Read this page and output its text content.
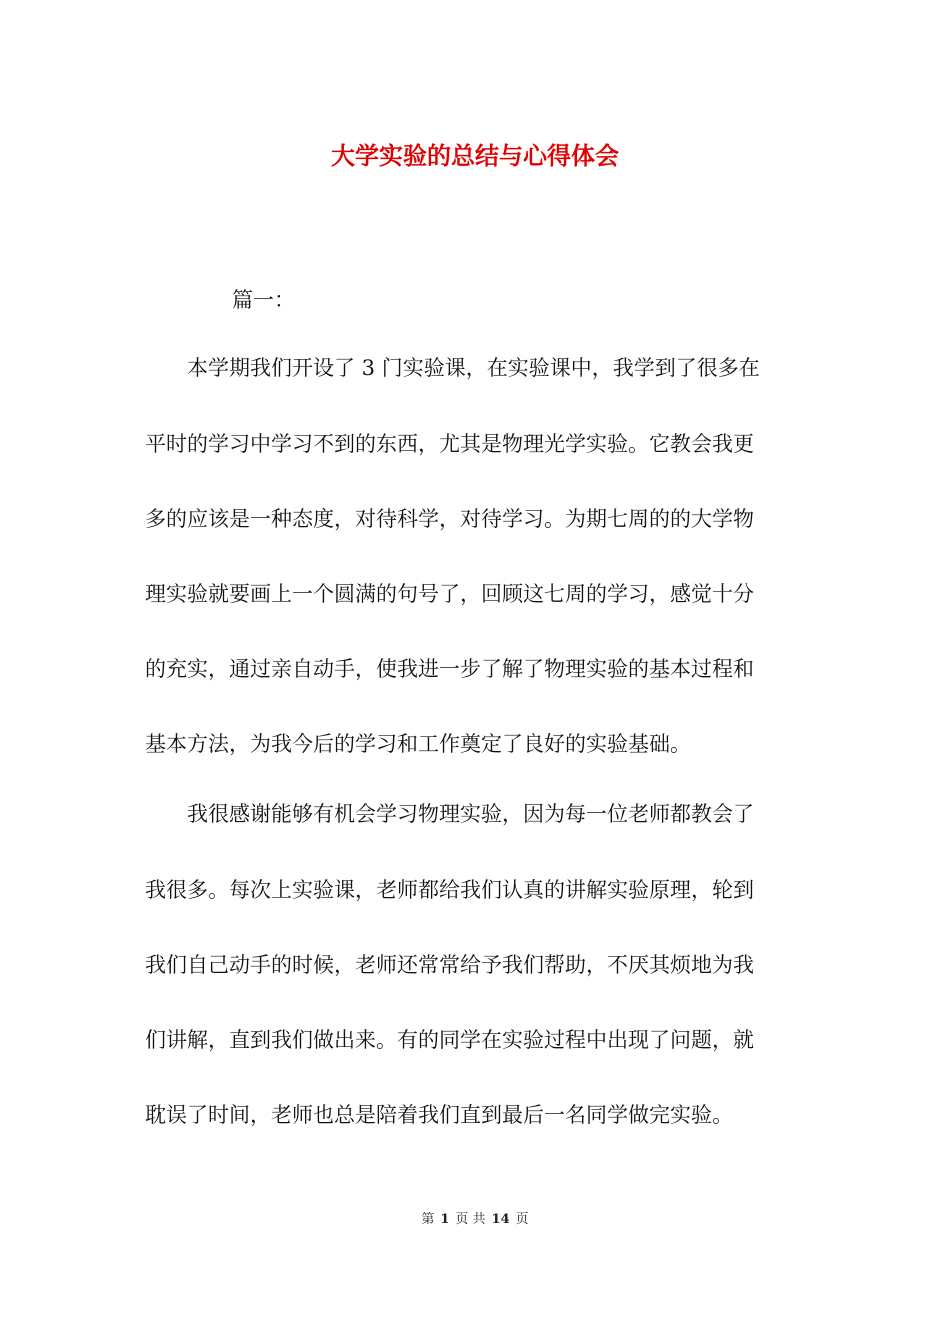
大学实验的总结与心得体会
篇一：
　　本学期我们开设了 3 门实验课，在实验课中，我学到了很多在
平时的学习中学习不到的东西，尤其是物理光学实验。它教会我更
多的应该是一种态度，对待科学，对待学习。为期七周的的大学物
理实验就要画上一个圆满的句号了，回顾这七周的学习，感觉十分
的充实，通过亲自动手，使我进一步了解了物理实验的基本过程和
基本方法，为我今后的学习和工作奠定了良好的实验基础。
　　我很感谢能够有机会学习物理实验，因为每一位老师都教会了
我很多。每次上实验课，老师都给我们认真的讲解实验原理，轮到
我们自己动手的时候，老师还常常给予我们帮助，不厌其烦地为我
们讲解，直到我们做出来。有的同学在实验过程中出现了问题，就
耽误了时间，老师也总是陪着我们直到最后一名同学做完实验。
第 1 页 共 14 页
